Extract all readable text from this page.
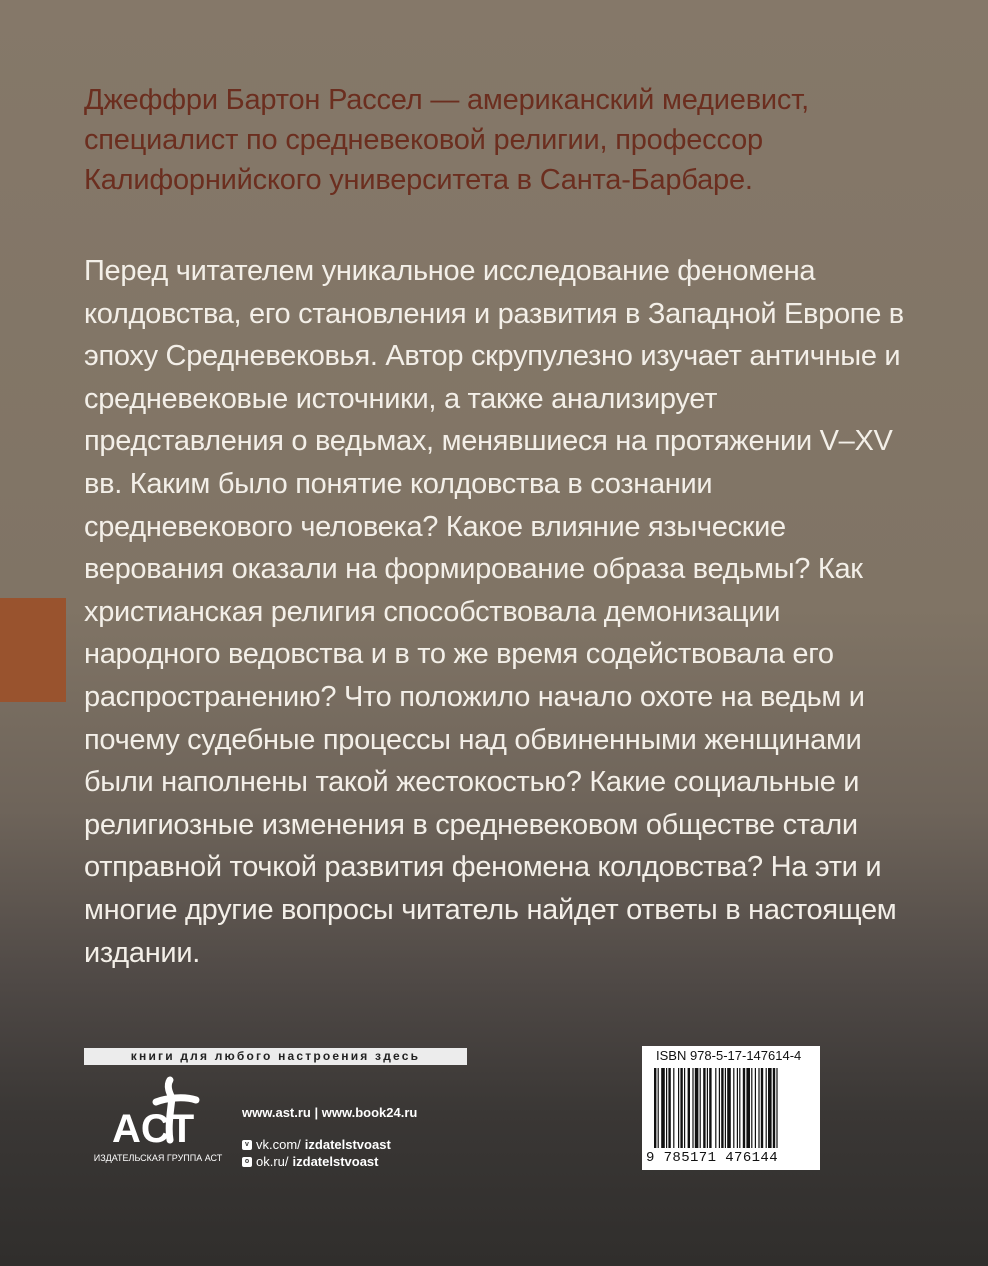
Джеффри Бартон Рассел — американский медиевист, специалист по средневековой религии, профессор Калифорнийского университета в Санта-Барбаре.

Перед читателем уникальное исследование феномена колдовства, его становления и развития в Западной Европе в эпоху Средневековья. Автор скрупулезно изучает античные и средневековые источники, а также анализирует представления о ведьмах, менявшиеся на протяжении V–XV вв. Каким было понятие колдовства в сознании средневекового человека? Какое влияние языческие верования оказали на формирование образа ведьмы? Как христианская религия способствовала демонизации народного ведовства и в то же время содействовала его распространению? Что положило начало охоте на ведьм и почему судебные процессы над обвиненными женщинами были наполнены такой жестокостью? Какие социальные и религиозные изменения в средневековом обществе стали отправной точкой развития феномена колдовства? На эти и многие другие вопросы читатель найдет ответы в настоящем издании.

книги для любого настроения здесь
ACT
ИЗДАТЕЛЬСКАЯ ГРУППА АСТ
www.ast.ru | www.book24.ru
v vk.com/ izdatelstvoast
o ok.ru/ izdatelstvoast
ISBN 978-5-17-147614-4
9 785171 476144
